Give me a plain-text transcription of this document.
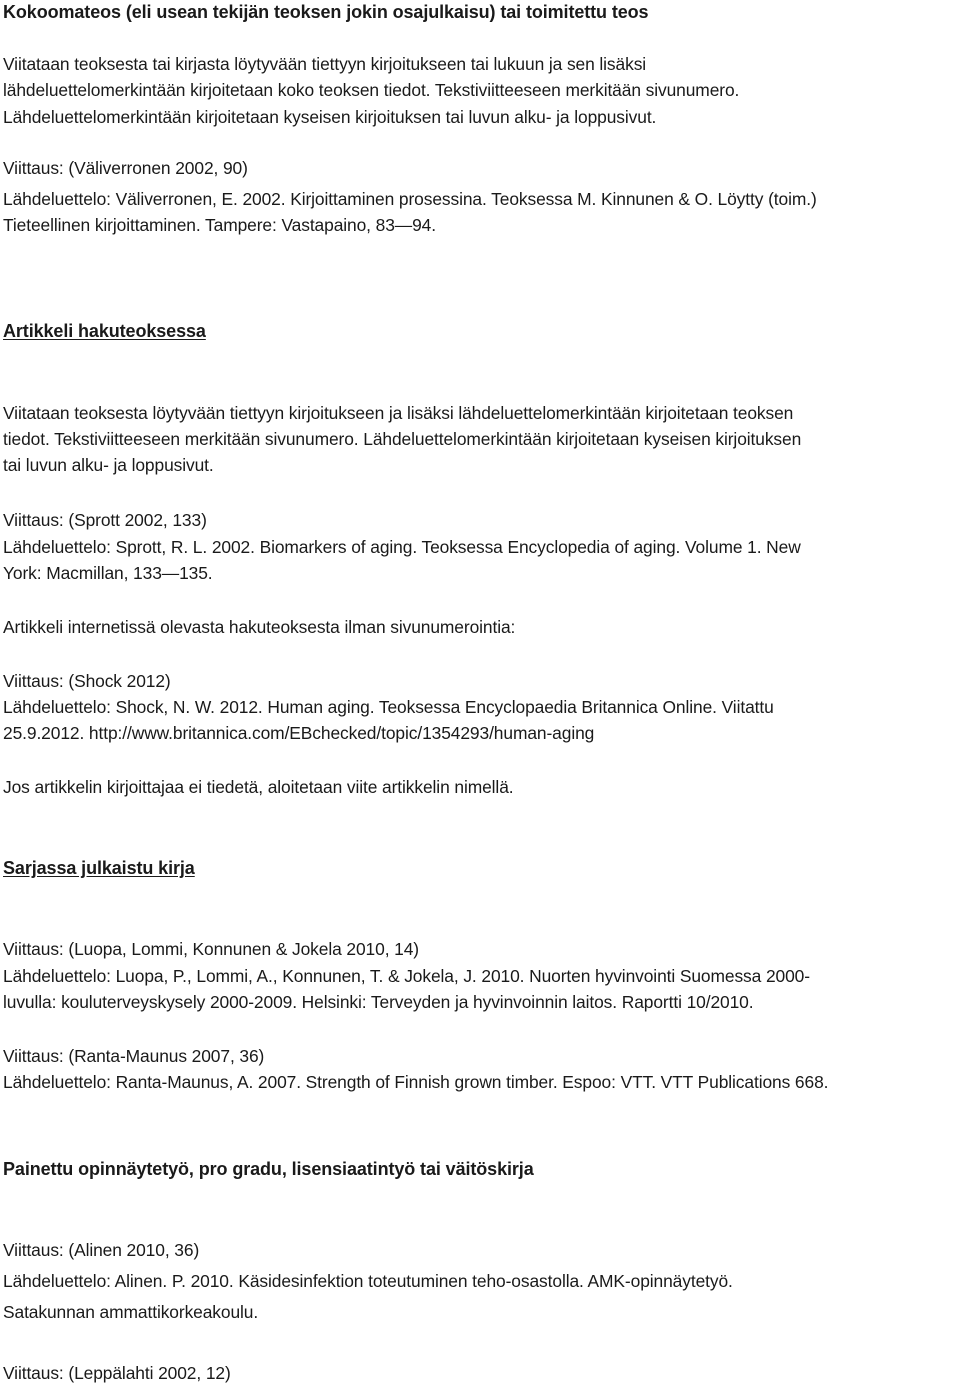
Kokoomateos (eli usean tekijän teoksen jokin osajulkaisu) tai toimitettu teos
Viitataan teoksesta tai kirjasta löytyvään tiettyyn kirjoitukseen tai lukuun ja sen lisäksi
lähdeluettelomerkintään kirjoitetaan koko teoksen tiedot. Tekstiviitteeseen merkitään sivunumero.
Lähdeluettelomerkintään kirjoitetaan kyseisen kirjoituksen tai luvun alku- ja loppusivut.
Viittaus: (Väliverronen 2002, 90)
Lähdeluettelo: Väliverronen, E. 2002. Kirjoittaminen prosessina. Teoksessa M. Kinnunen & O. Löytty (toim.)
Tieteellinen kirjoittaminen. Tampere: Vastapaino, 83—94.
Artikkeli hakuteoksessa
Viitataan teoksesta löytyvään tiettyyn kirjoitukseen ja lisäksi lähdeluettelomerkintään kirjoitetaan teoksen
tiedot. Tekstiviitteeseen merkitään sivunumero. Lähdeluettelomerkintään kirjoitetaan kyseisen kirjoituksen
tai luvun alku- ja loppusivut.
Viittaus: (Sprott 2002, 133)
Lähdeluettelo: Sprott, R. L. 2002. Biomarkers of aging. Teoksessa Encyclopedia of aging. Volume 1. New
York: Macmillan, 133—135.
Artikkeli internetissä olevasta hakuteoksesta ilman sivunumerointia:
Viittaus: (Shock 2012)
Lähdeluettelo: Shock, N. W. 2012. Human aging. Teoksessa Encyclopaedia Britannica Online. Viitattu
25.9.2012. http://www.britannica.com/EBchecked/topic/1354293/human-aging
Jos artikkelin kirjoittajaa ei tiedetä, aloitetaan viite artikkelin nimellä.
Sarjassa julkaistu kirja
Viittaus: (Luopa, Lommi, Konnunen & Jokela 2010, 14)
Lähdeluettelo: Luopa, P., Lommi, A., Konnunen, T. & Jokela, J. 2010. Nuorten hyvinvointi Suomessa 2000-
luvulla: kouluterveyskysely 2000-2009. Helsinki: Terveyden ja hyvinvoinnin laitos. Raportti 10/2010.
Viittaus: (Ranta-Maunus 2007, 36)
Lähdeluettelo: Ranta-Maunus, A. 2007. Strength of Finnish grown timber. Espoo: VTT. VTT Publications 668.
Painettu opinnäytetyö, pro gradu, lisensiaatintyö tai väitöskirja
Viittaus: (Alinen 2010, 36)
Lähdeluettelo: Alinen. P. 2010. Käsidesinfektion toteutuminen teho-osastolla. AMK-opinnäytetyö.
Satakunnan ammattikorkeakoulu.
Viittaus: (Leppälahti 2002, 12)
